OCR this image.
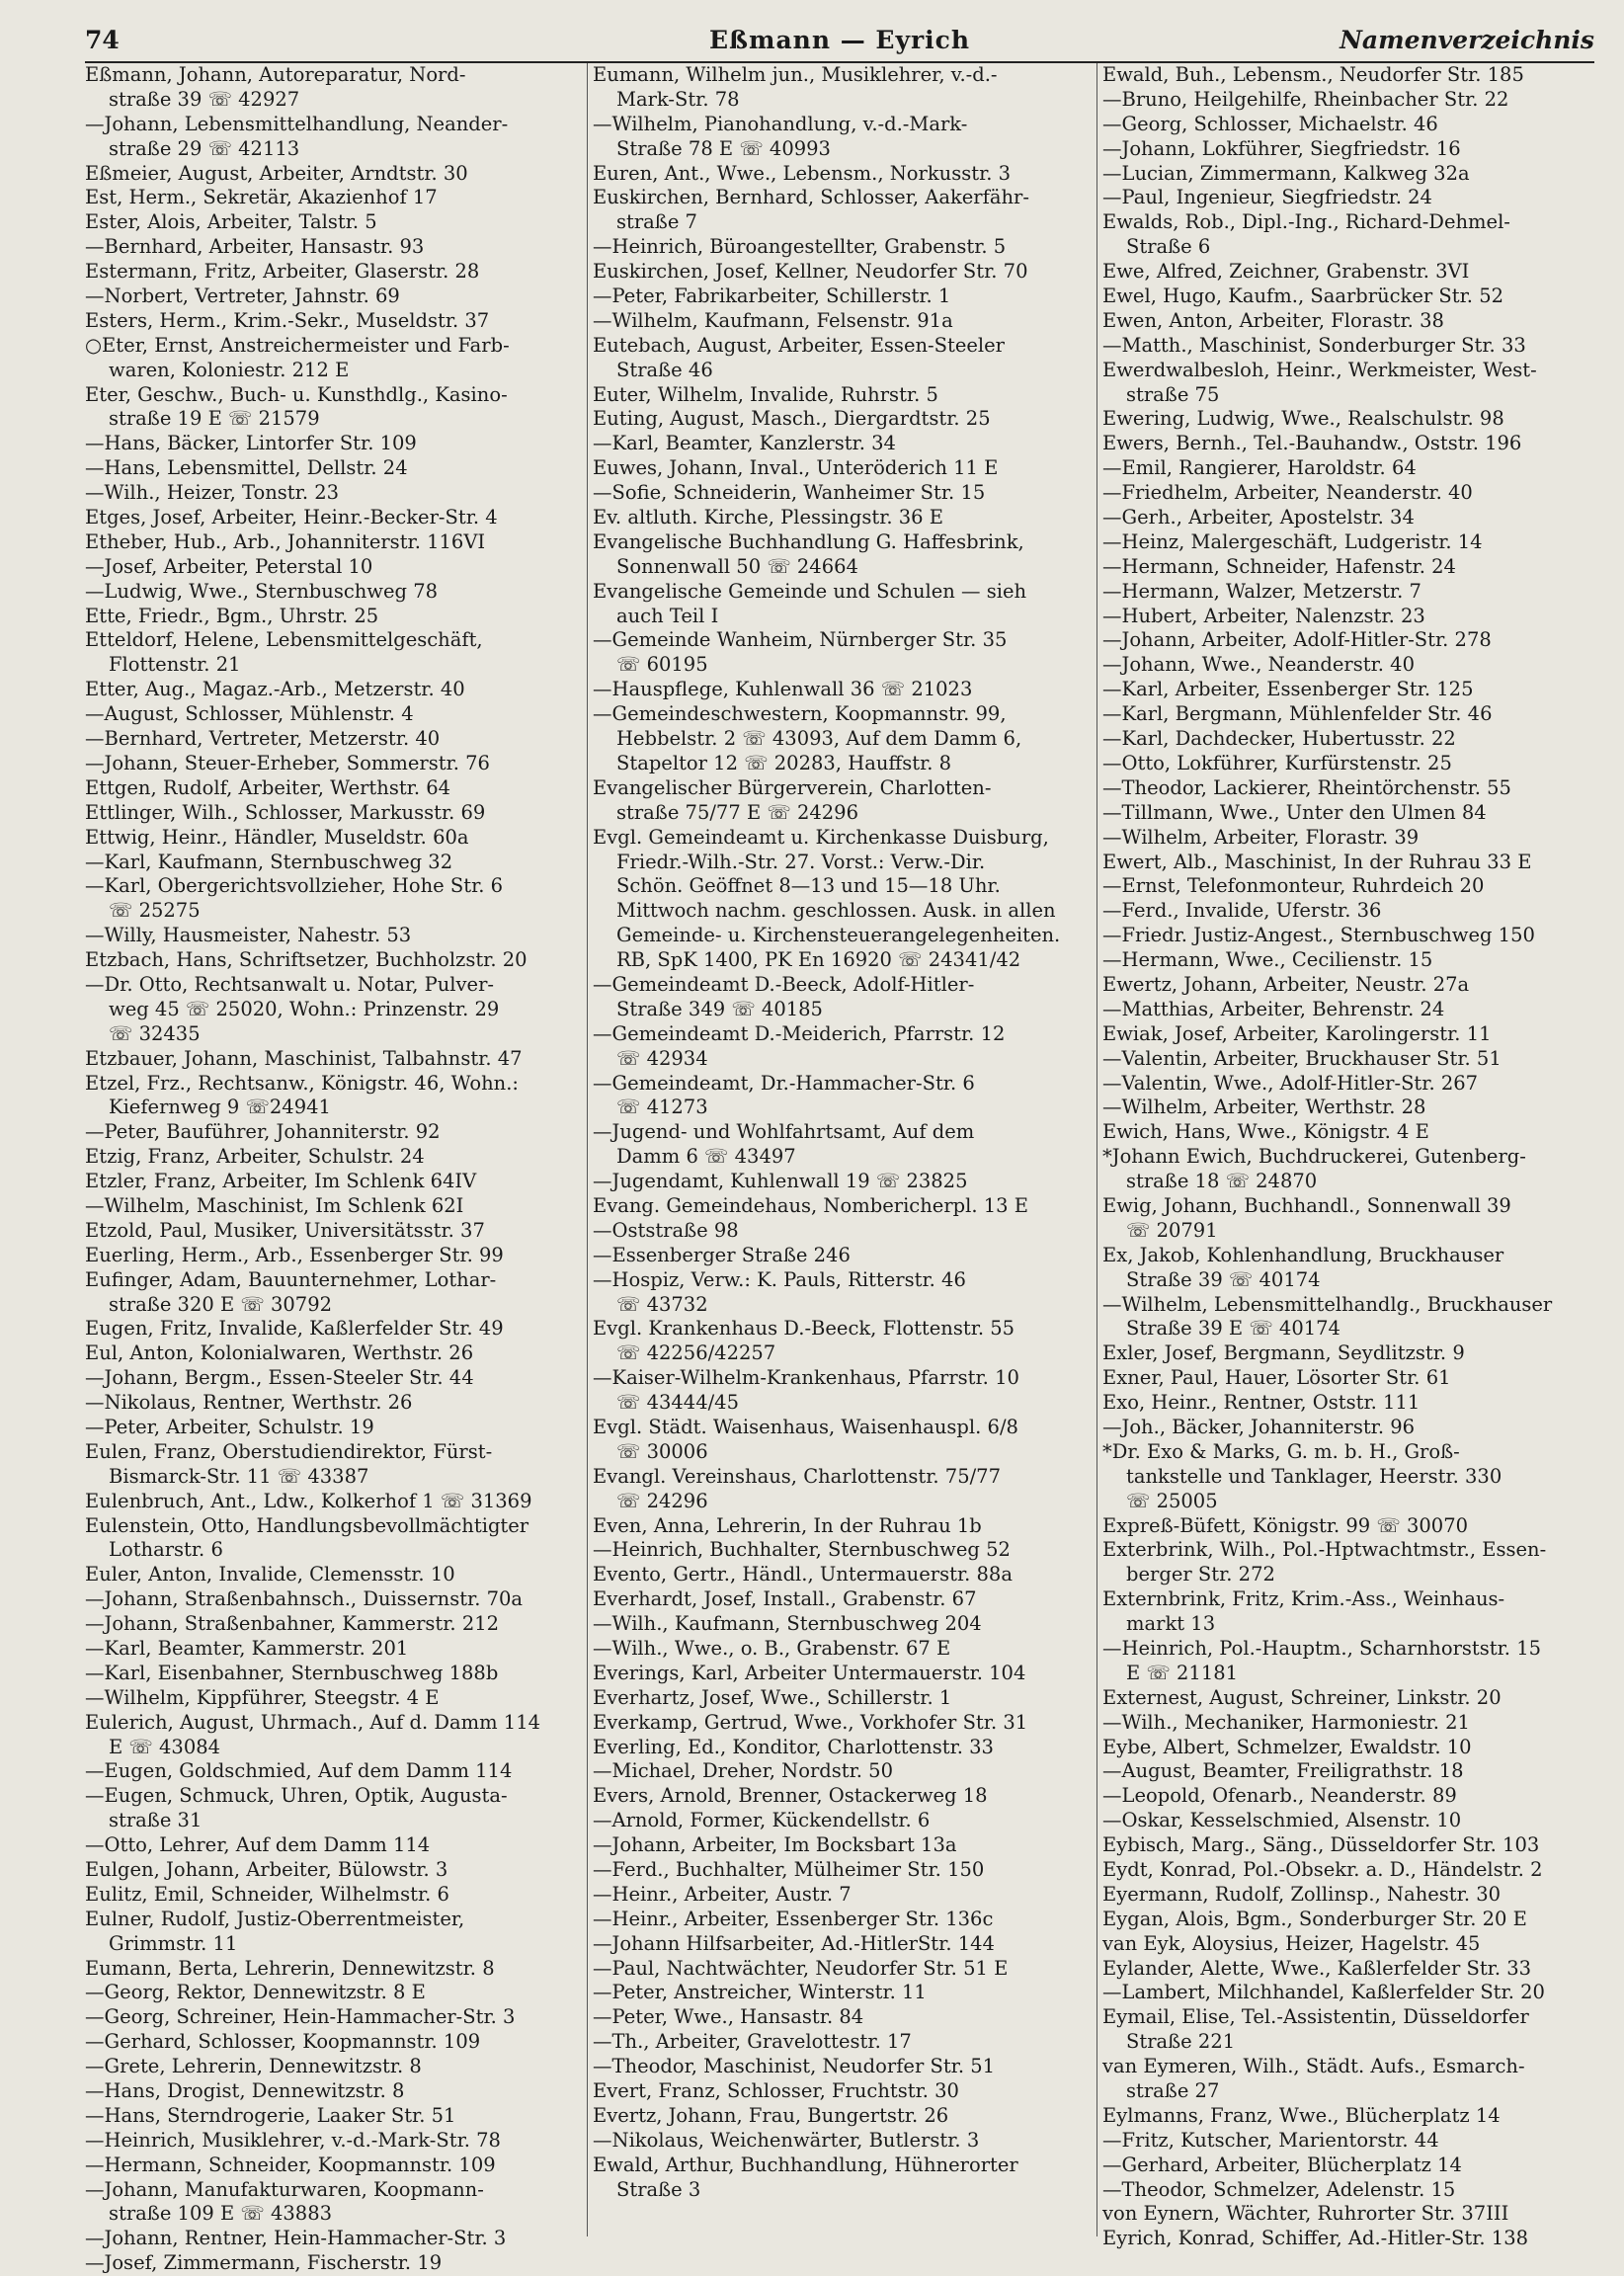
74	Eßmann — Eyrich	Namenverzeichnis
Eßmann, Johann, Autoreparatur, Nord-
straße 39 ☏ 42927
—Johann, Lebensmittelhandlung, Neander-
straße 29 ☏ 42113
Eßmeier, August, Arbeiter, Arndtstr. 30
Est, Herm., Sekretär, Akazienhof 17
Ester, Alois, Arbeiter, Talstr. 5
—Bernhard, Arbeiter, Hansastr. 93
Estermann, Fritz, Arbeiter, Glaserstr. 28
—Norbert, Vertreter, Jahnstr. 69
Esters, Herm., Krim.-Sekr., Museldstr. 37
○Eter, Ernst, Anstreichermeister und Farb-
waren, Koloniestr. 212 E
Eter, Geschw., Buch- u. Kunsthdlg., Kasino-
straße 19 E ☏ 21579
—Hans, Bäcker, Lintorfer Str. 109
—Hans, Lebensmittel, Dellstr. 24
—Wilh., Heizer, Tonstr. 23
Etges, Josef, Arbeiter, Heinr.-Becker-Str. 4
Etheber, Hub., Arb., Johanniterstr. 116VI
—Josef, Arbeiter, Peterstal 10
—Ludwig, Wwe., Sternbuschweg 78
Ette, Friedr., Bgm., Uhrstr. 25
Etteldorf, Helene, Lebensmittelgeschäft,
Flottenstr. 21
Etter, Aug., Magaz.-Arb., Metzerstr. 40
—August, Schlosser, Mühlenstr. 4
—Bernhard, Vertreter, Metzerstr. 40
—Johann, Steuer-Erheber, Sommerstr. 76
Ettgen, Rudolf, Arbeiter, Werthstr. 64
Ettlinger, Wilh., Schlosser, Markusstr. 69
Ettwig, Heinr., Händler, Museldstr. 60a
—Karl, Kaufmann, Sternbuschweg 32
—Karl, Obergerichtsvollzieher, Hohe Str. 6
☏ 25275
—Willy, Hausmeister, Nahestr. 53
Etzbach, Hans, Schriftsetzer, Buchholzstr. 20
—Dr. Otto, Rechtsanwalt u. Notar, Pulver-
weg 45 ☏ 25020, Wohn.: Prinzenstr. 29
☏ 32435
Etzbauer, Johann, Maschinist, Talbahnstr. 47
Etzel, Frz., Rechtsanw., Königstr. 46, Wohn.:
Kiefernweg 9 ☏24941
—Peter, Bauführer, Johanniterstr. 92
Etzig, Franz, Arbeiter, Schulstr. 24
Etzler, Franz, Arbeiter, Im Schlenk 64IV
—Wilhelm, Maschinist, Im Schlenk 62I
Etzold, Paul, Musiker, Universitätsstr. 37
Euerling, Herm., Arb., Essenberger Str. 99
Eufinger, Adam, Bauunternehmer, Lothar-
straße 320 E ☏ 30792
Eugen, Fritz, Invalide, Kaßlerfelder Str. 49
Eul, Anton, Kolonialwaren, Werthstr. 26
—Johann, Bergm., Essen-Steeler Str. 44
—Nikolaus, Rentner, Werthstr. 26
—Peter, Arbeiter, Schulstr. 19
Eulen, Franz, Oberstudiendirektor, Fürst-
Bismarck-Str. 11 ☏ 43387
Eulenbruch, Ant., Ldw., Kolkerhof 1 ☏ 31369
Eulenstein, Otto, Handlungsbevollmächtigter
Lotharstr. 6
Euler, Anton, Invalide, Clemensstr. 10
—Johann, Straßenbahnsch., Duissernstr. 70a
—Johann, Straßenbahner, Kammerstr. 212
—Karl, Beamter, Kammerstr. 201
—Karl, Eisenbahner, Sternbuschweg 188b
—Wilhelm, Kippführer, Steegstr. 4 E
Eulerich, August, Uhrmach., Auf d. Damm 114
E ☏ 43084
—Eugen, Goldschmied, Auf dem Damm 114
—Eugen, Schmuck, Uhren, Optik, Augusta-
straße 31
—Otto, Lehrer, Auf dem Damm 114
Eulgen, Johann, Arbeiter, Bülowstr. 3
Eulitz, Emil, Schneider, Wilhelmstr. 6
Eulner, Rudolf, Justiz-Oberrentmeister,
Grimmstr. 11
Eumann, Berta, Lehrerin, Dennewitzstr. 8
—Georg, Rektor, Dennewitzstr. 8 E
—Georg, Schreiner, Hein-Hammacher-Str. 3
—Gerhard, Schlosser, Koopmannstr. 109
—Grete, Lehrerin, Dennewitzstr. 8
—Hans, Drogist, Dennewitzstr. 8
—Hans, Sterndrogerie, Laaker Str. 51
—Heinrich, Musiklehrer, v.-d.-Mark-Str. 78
—Hermann, Schneider, Koopmannstr. 109
—Johann, Manufakturwaren, Koopmann-
straße 109 E ☏ 43883
—Johann, Rentner, Hein-Hammacher-Str. 3
—Josef, Zimmermann, Fischerstr. 19
Eumann, Wilhelm jun., Musiklehrer, v.-d.-
Mark-Str. 78
—Wilhelm, Pianohandlung, v.-d.-Mark-
Straße 78 E ☏ 40993
Euren, Ant., Wwe., Lebensm., Norkusstr. 3
Euskirchen, Bernhard, Schlosser, Aakerfähr-
straße 7
—Heinrich, Büroangestellter, Grabenstr. 5
Euskirchen, Josef, Kellner, Neudorfer Str. 70
—Peter, Fabrikarbeiter, Schillerstr. 1
—Wilhelm, Kaufmann, Felsenstr. 91a
Eutebach, August, Arbeiter, Essen-Steeler
Straße 46
Euter, Wilhelm, Invalide, Ruhrstr. 5
Euting, August, Masch., Diergardtstr. 25
—Karl, Beamter, Kanzlerstr. 34
Euwes, Johann, Inval., Unteröderich 11 E
—Sofie, Schneiderin, Wanheimer Str. 15
Ev. altluth. Kirche, Plessingstr. 36 E
Evangelische Buchhandlung G. Haffesbrink,
Sonnenwall 50 ☏ 24664
Evangelische Gemeinde und Schulen — sieh
auch Teil I
—Gemeinde Wanheim, Nürnberger Str. 35
☏ 60195
—Hauspflege, Kuhlenwall 36 ☏ 21023
—Gemeindeschwestern, Koopmannstr. 99,
Hebbelstr. 2 ☏ 43093, Auf dem Damm 6,
Stapeltor 12 ☏ 20283, Hauffstr. 8
Evangelischer Bürgerverein, Charlotten-
straße 75/77 E ☏ 24296
Evgl. Gemeindeamt u. Kirchenkasse Duisburg,
Friedr.-Wilh.-Str. 27. Vorst.: Verw.-Dir.
Schön. Geöffnet 8—13 und 15—18 Uhr.
Mittwoch nachm. geschlossen. Ausk. in allen
Gemeinde- u. Kirchensteuerangelegenheiten.
RB, SpK 1400, PK En 16920 ☏ 24341/42
—Gemeindeamt D.-Beeck, Adolf-Hitler-
Straße 349 ☏ 40185
—Gemeindeamt D.-Meiderich, Pfarrstr. 12
☏ 42934
—Gemeindeamt, Dr.-Hammacher-Str. 6
☏ 41273
—Jugend- und Wohlfahrtsamt, Auf dem
Damm 6 ☏ 43497
—Jugendamt, Kuhlenwall 19 ☏ 23825
Evang. Gemeindehaus, Nombericherpl. 13 E
—Oststraße 98
—Essenberger Straße 246
—Hospiz, Verw.: K. Pauls, Ritterstr. 46
☏ 43732
Evgl. Krankenhaus D.-Beeck, Flottenstr. 55
☏ 42256/42257
—Kaiser-Wilhelm-Krankenhaus, Pfarrstr. 10
☏ 43444/45
Evgl. Städt. Waisenhaus, Waisenhauspl. 6/8
☏ 30006
Evangl. Vereinshaus, Charlottenstr. 75/77
☏ 24296
Even, Anna, Lehrerin, In der Ruhrau 1b
—Heinrich, Buchhalter, Sternbuschweg 52
Evento, Gertr., Händl., Untermauerstr. 88a
Everhardt, Josef, Install., Grabenstr. 67
—Wilh., Kaufmann, Sternbuschweg 204
—Wilh., Wwe., o. B., Grabenstr. 67 E
Everings, Karl, Arbeiter Untermauerstr. 104
Everhartz, Josef, Wwe., Schillerstr. 1
Everkamp, Gertrud, Wwe., Vorkhofer Str. 31
Everling, Ed., Konditor, Charlottenstr. 33
—Michael, Dreher, Nordstr. 50
Evers, Arnold, Brenner, Ostackerweg 18
—Arnold, Former, Kückendellstr. 6
—Johann, Arbeiter, Im Bocksbart 13a
—Ferd., Buchhalter, Mülheimer Str. 150
—Heinr., Arbeiter, Austr. 7
—Heinr., Arbeiter, Essenberger Str. 136c
—Johann Hilfsarbeiter, Ad.-HitlerStr. 144
—Paul, Nachtwächter, Neudorfer Str. 51 E
—Peter, Anstreicher, Winterstr. 11
—Peter, Wwe., Hansastr. 84
—Th., Arbeiter, Gravelottestr. 17
—Theodor, Maschinist, Neudorfer Str. 51
Evert, Franz, Schlosser, Fruchtstr. 30
Evertz, Johann, Frau, Bungertstr. 26
—Nikolaus, Weichenwärter, Butlerstr. 3
Ewald, Arthur, Buchhandlung, Hühnerorter
Straße 3
Ewald, Buh., Lebensm., Neudorfer Str. 185
—Bruno, Heilgehilfe, Rheinbacher Str. 22
—Georg, Schlosser, Michaelstr. 46
—Johann, Lokführer, Siegfriedstr. 16
—Lucian, Zimmermann, Kalkweg 32a
—Paul, Ingenieur, Siegfriedstr. 24
Ewalds, Rob., Dipl.-Ing., Richard-Dehmel-
Straße 6
Ewe, Alfred, Zeichner, Grabenstr. 3VI
Ewel, Hugo, Kaufm., Saarbrücker Str. 52
Ewen, Anton, Arbeiter, Florastr. 38
—Matth., Maschinist, Sonderburger Str. 33
Ewerdwalbesloh, Heinr., Werkmeister, West-
straße 75
Ewering, Ludwig, Wwe., Realschulstr. 98
Ewers, Bernh., Tel.-Bauhandw., Oststr. 196
—Emil, Rangierer, Haroldstr. 64
—Friedhelm, Arbeiter, Neanderstr. 40
—Gerh., Arbeiter, Apostelstr. 34
—Heinz, Malergeschäft, Ludgeristr. 14
—Hermann, Schneider, Hafenstr. 24
—Hermann, Walzer, Metzerstr. 7
—Hubert, Arbeiter, Nalenzstr. 23
—Johann, Arbeiter, Adolf-Hitler-Str. 278
—Johann, Wwe., Neanderstr. 40
—Karl, Arbeiter, Essenberger Str. 125
—Karl, Bergmann, Mühlenfelder Str. 46
—Karl, Dachdecker, Hubertusstr. 22
—Otto, Lokführer, Kurfürstenstr. 25
—Theodor, Lackierer, Rheintörchenstr. 55
—Tillmann, Wwe., Unter den Ulmen 84
—Wilhelm, Arbeiter, Florastr. 39
Ewert, Alb., Maschinist, In der Ruhrau 33 E
—Ernst, Telefonmonteur, Ruhrdeich 20
—Ferd., Invalide, Uferstr. 36
—Friedr. Justiz-Angest., Sternbuschweg 150
—Hermann, Wwe., Cecilienstr. 15
Ewertz, Johann, Arbeiter, Neustr. 27a
—Matthias, Arbeiter, Behrenstr. 24
Ewiak, Josef, Arbeiter, Karolingerstr. 11
—Valentin, Arbeiter, Bruckhauser Str. 51
—Valentin, Wwe., Adolf-Hitler-Str. 267
—Wilhelm, Arbeiter, Werthstr. 28
Ewich, Hans, Wwe., Königstr. 4 E
*Johann Ewich, Buchdruckerei, Gutenberg-
straße 18 ☏ 24870
Ewig, Johann, Buchhandl., Sonnenwall 39
☏ 20791
Ex, Jakob, Kohlenhandlung, Bruckhauser
Straße 39 ☏ 40174
—Wilhelm, Lebensmittelhandlg., Bruckhauser
Straße 39 E ☏ 40174
Exler, Josef, Bergmann, Seydlitzstr. 9
Exner, Paul, Hauer, Lösorter Str. 61
Exo, Heinr., Rentner, Oststr. 111
—Joh., Bäcker, Johanniterstr. 96
*Dr. Exo & Marks, G. m. b. H., Groß-
tankstelle und Tanklager, Heerstr. 330
☏ 25005
Expreß-Büfett, Königstr. 99 ☏ 30070
Exterbrink, Wilh., Pol.-Hptwachtmstr., Essen-
berger Str. 272
Externbrink, Fritz, Krim.-Ass., Weinhaus-
markt 13
—Heinrich, Pol.-Hauptm., Scharnhorststr. 15
E ☏ 21181
Externest, August, Schreiner, Linkstr. 20
—Wilh., Mechaniker, Harmoniestr. 21
Eybe, Albert, Schmelzer, Ewaldstr. 10
—August, Beamter, Freiligrathstr. 18
—Leopold, Ofenarb., Neanderstr. 89
—Oskar, Kesselschmied, Alsenstr. 10
Eybisch, Marg., Säng., Düsseldorfer Str. 103
Eydt, Konrad, Pol.-Obsekr. a. D., Händelstr. 2
Eyermann, Rudolf, Zollinsp., Nahestr. 30
Eygan, Alois, Bgm., Sonderburger Str. 20 E
van Eyk, Aloysius, Heizer, Hagelstr. 45
Eylander, Alette, Wwe., Kaßlerfelder Str. 33
—Lambert, Milchhandel, Kaßlerfelder Str. 20
Eymail, Elise, Tel.-Assistentin, Düsseldorfer
Straße 221
van Eymeren, Wilh., Städt. Aufs., Esmarch-
straße 27
Eylmanns, Franz, Wwe., Blücherplatz 14
—Fritz, Kutscher, Marientorstr. 44
—Gerhard, Arbeiter, Blücherplatz 14
—Theodor, Schmelzer, Adelenstr. 15
von Eynern, Wächter, Ruhrorter Str. 37III
Eyrich, Konrad, Schiffer, Ad.-Hitler-Str. 138
